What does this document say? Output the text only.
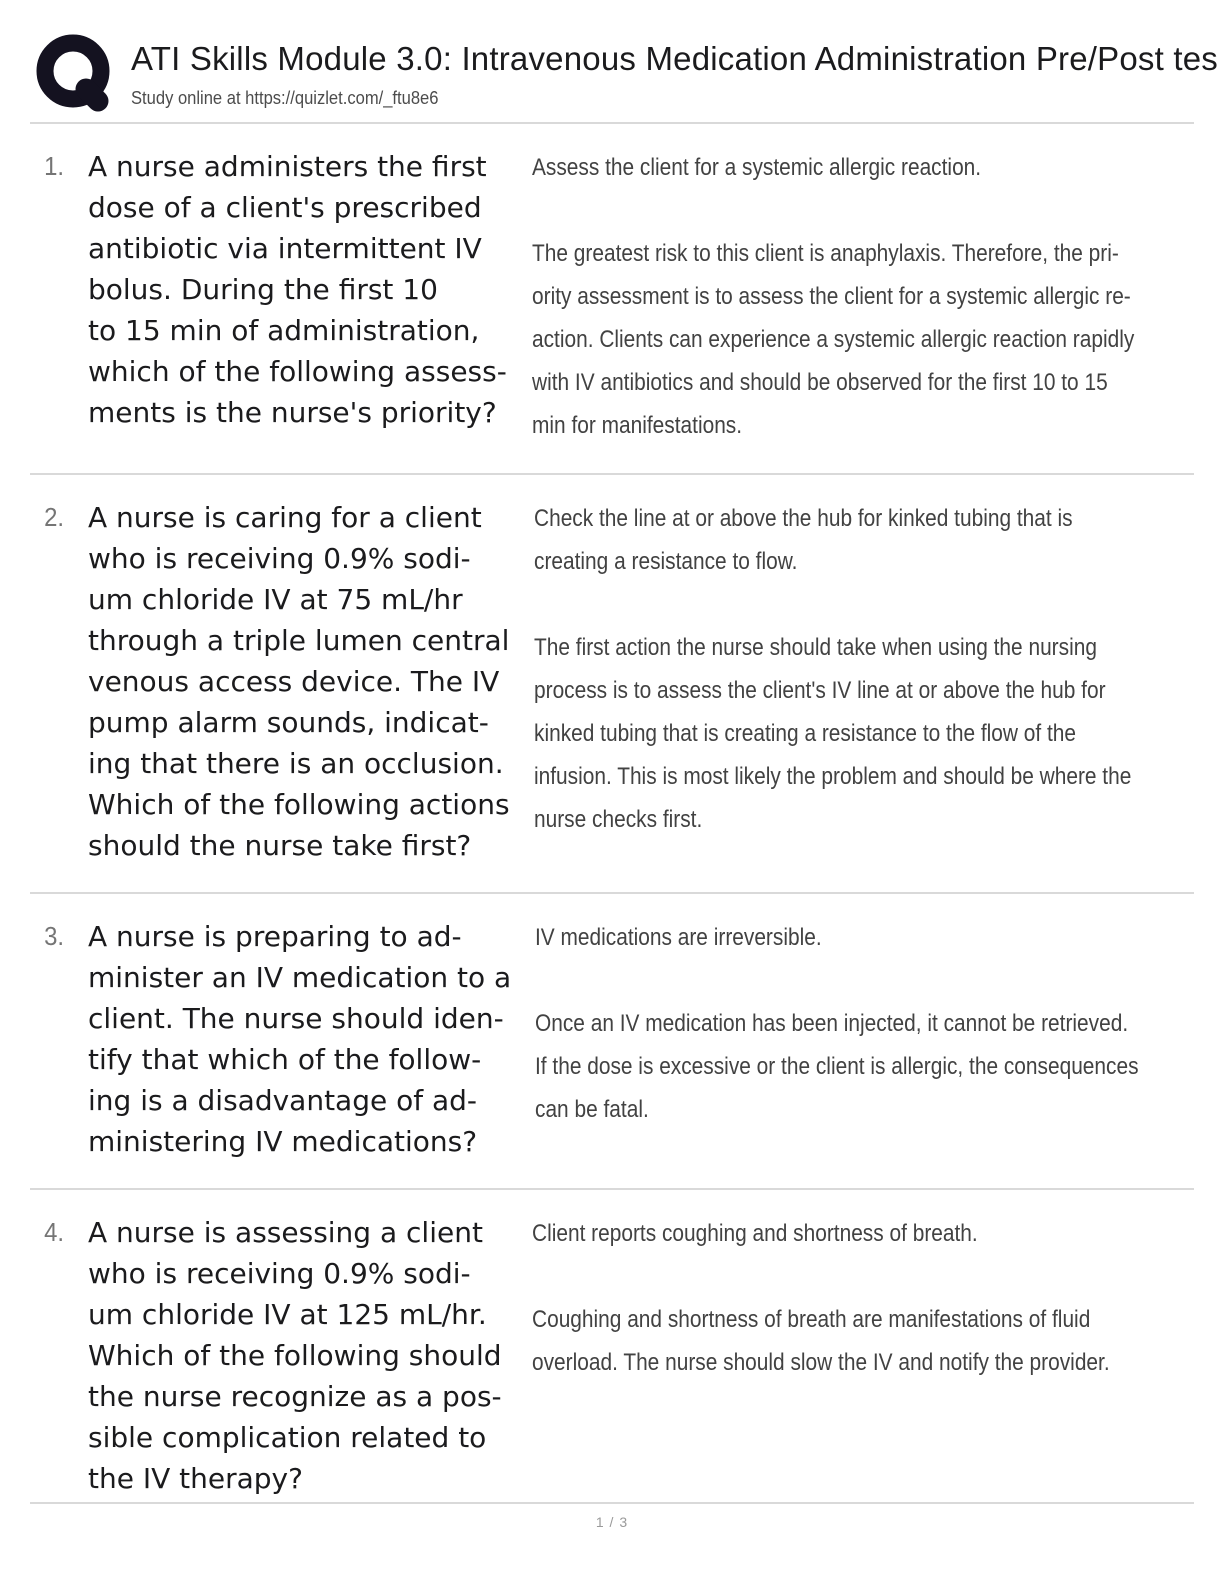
ATI Skills Module 3.0: Intravenous Medication Administration Pre/Post tes
Study online at https://quizlet.com/_ftu8e6
1. A nurse administers the first
dose of a client's prescribed
antibiotic via intermittent IV
bolus. During the first 10
to 15 min of administration,
which of the following assess-
ments is the nurse's priority?
Assess the client for a systemic allergic reaction.
The greatest risk to this client is anaphylaxis. Therefore, the pri-
ority assessment is to assess the client for a systemic allergic re-
action. Clients can experience a systemic allergic reaction rapidly
with IV antibiotics and should be observed for the first 10 to 15
min for manifestations.
2. A nurse is caring for a client
who is receiving 0.9% sodi-
um chloride IV at 75 mL/hr
through a triple lumen central
venous access device. The IV
pump alarm sounds, indicat-
ing that there is an occlusion.
Which of the following actions
should the nurse take first?
Check the line at or above the hub for kinked tubing that is
creating a resistance to flow.
The first action the nurse should take when using the nursing
process is to assess the client's IV line at or above the hub for
kinked tubing that is creating a resistance to the flow of the
infusion. This is most likely the problem and should be where the
nurse checks first.
3. A nurse is preparing to ad-
minister an IV medication to a
client. The nurse should iden-
tify that which of the follow-
ing is a disadvantage of ad-
ministering IV medications?
IV medications are irreversible.
Once an IV medication has been injected, it cannot be retrieved.
If the dose is excessive or the client is allergic, the consequences
can be fatal.
4. A nurse is assessing a client
who is receiving 0.9% sodi-
um chloride IV at 125 mL/hr.
Which of the following should
the nurse recognize as a pos-
sible complication related to
the IV therapy?
Client reports coughing and shortness of breath.
Coughing and shortness of breath are manifestations of fluid
overload. The nurse should slow the IV and notify the provider.
1 / 3
